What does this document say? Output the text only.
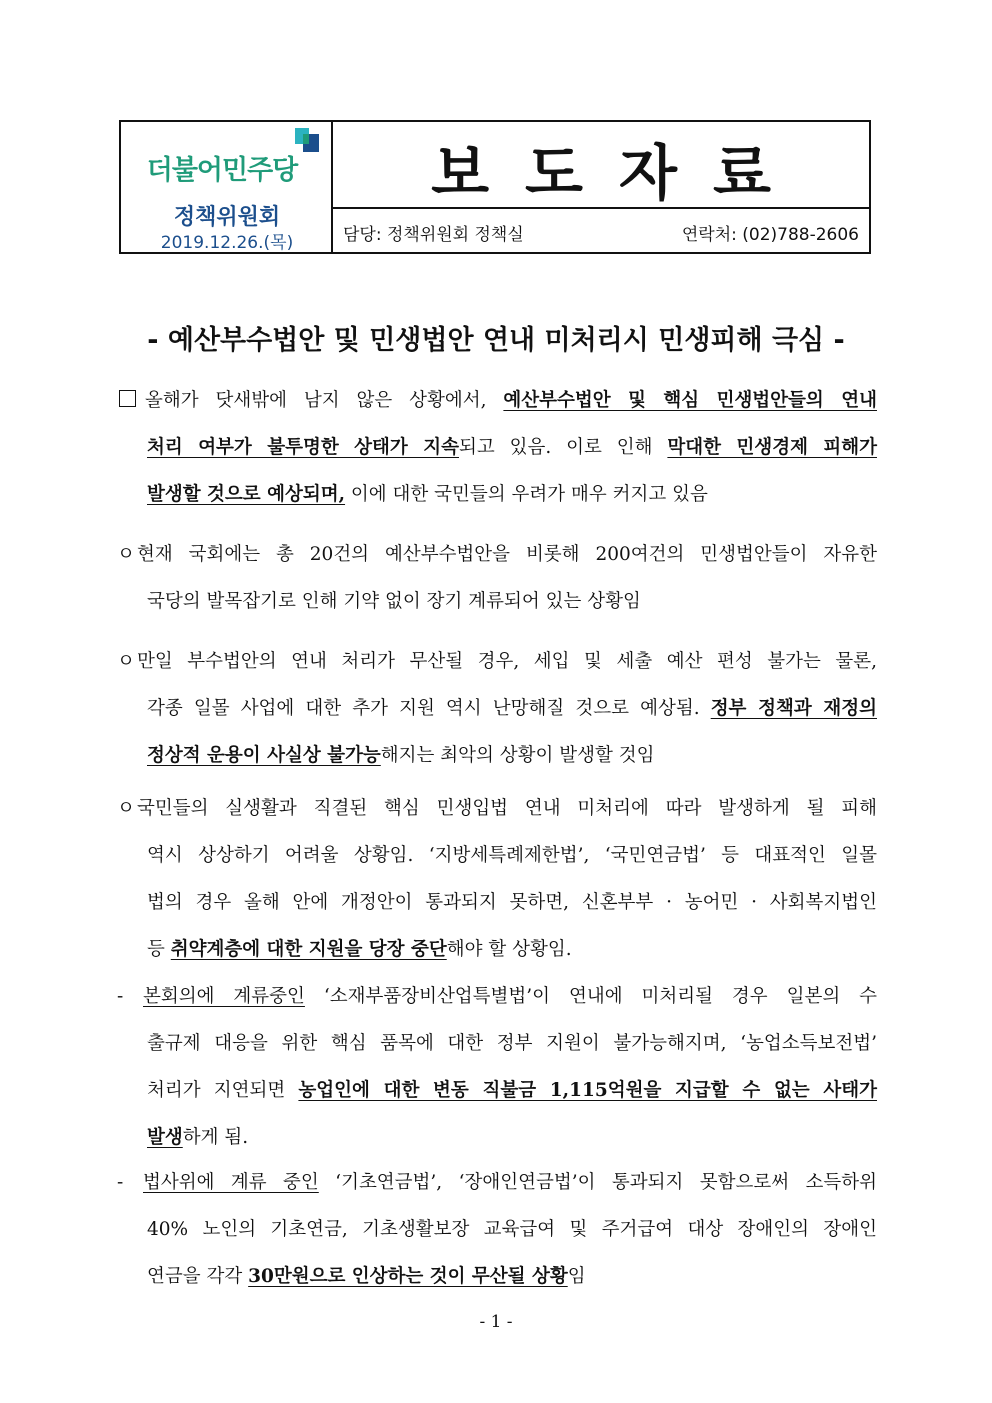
더불어민주당
정책위원회
2019.12.26.(목)
보도자료
담당: 정책위원회 정책실	연락처: (02)788-2606
- 예산부수법안 및 민생법안 연내 미처리시 민생피해 극심 -
올해가 닷새밖에 남지 않은 상황에서, 예산부수법안 및 핵심 민생법안들의 연내
처리 여부가 불투명한 상태가 지속되고 있음. 이로 인해 막대한 민생경제 피해가
발생할 것으로 예상되며, 이에 대한 국민들의 우려가 매우 커지고 있음
ㅇ 현재 국회에는 총 20건의 예산부수법안을 비롯해 200여건의 민생법안들이 자유한
국당의 발목잡기로 인해 기약 없이 장기 계류되어 있는 상황임
ㅇ 만일 부수법안의 연내 처리가 무산될 경우, 세입 및 세출 예산 편성 불가는 물론,
각종 일몰 사업에 대한 추가 지원 역시 난망해질 것으로 예상됨. 정부 정책과 재정의
정상적 운용이 사실상 불가능해지는 최악의 상황이 발생할 것임
ㅇ 국민들의 실생활과 직결된 핵심 민생입법 연내 미처리에 따라 발생하게 될 피해
역시 상상하기 어려울 상황임. ‘지방세특례제한법’, ‘국민연금법’ 등 대표적인 일몰
법의 경우 올해 안에 개정안이 통과되지 못하면, 신혼부부 · 농어민 · 사회복지법인
등 취약계층에 대한 지원을 당장 중단해야 할 상황임.
- 본회의에 계류중인 ‘소재부품장비산업특별법’이 연내에 미처리될 경우 일본의 수
출규제 대응을 위한 핵심 품목에 대한 정부 지원이 불가능해지며, ‘농업소득보전법’
처리가 지연되면 농업인에 대한 변동 직불금 1,115억원을 지급할 수 없는 사태가
발생하게 됨.
- 법사위에 계류 중인 ‘기초연금법’, ‘장애인연금법’이 통과되지 못함으로써 소득하위
40% 노인의 기초연금, 기초생활보장 교육급여 및 주거급여 대상 장애인의 장애인
연금을 각각 30만원으로 인상하는 것이 무산될 상황임
- 1 -
